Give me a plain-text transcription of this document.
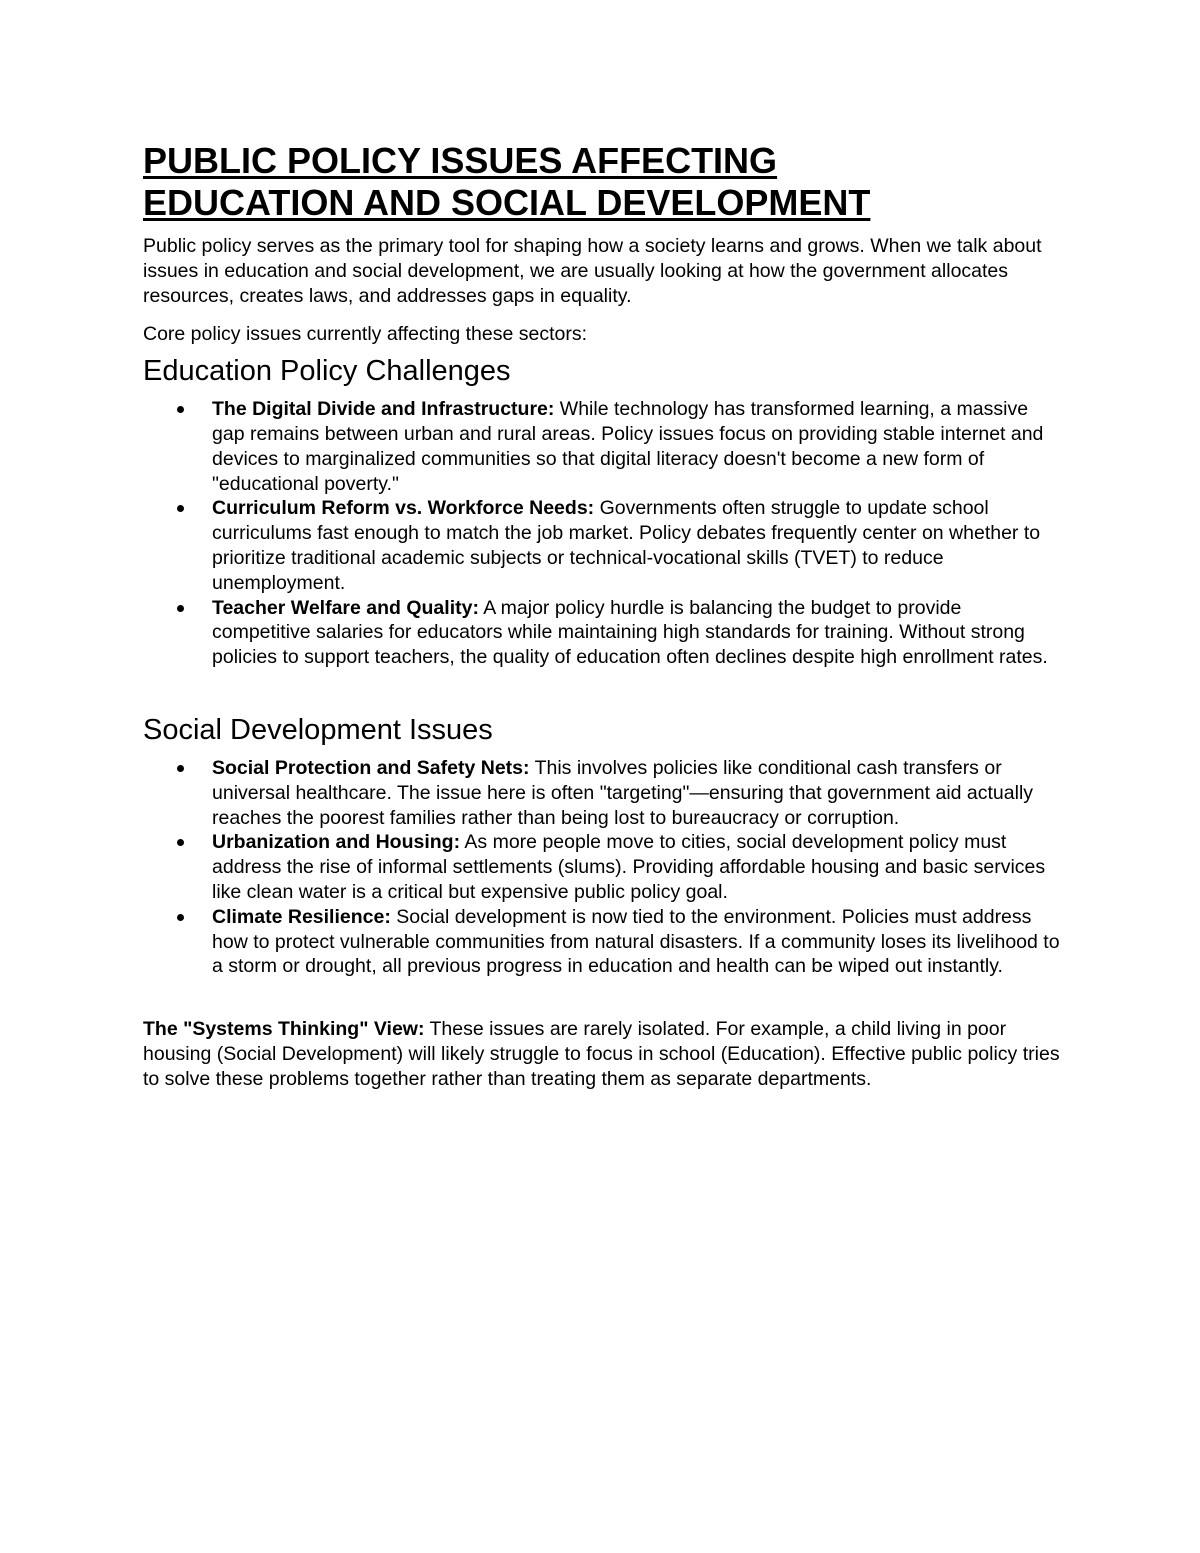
PUBLIC POLICY ISSUES AFFECTING
EDUCATION AND SOCIAL DEVELOPMENT

Public policy serves as the primary tool for shaping how a society learns and grows. When we talk about issues in education and social development, we are usually looking at how the government allocates resources, creates laws, and addresses gaps in equality.

Core policy issues currently affecting these sectors:

Education Policy Challenges
The Digital Divide and Infrastructure: While technology has transformed learning, a massive gap remains between urban and rural areas. Policy issues focus on providing stable internet and devices to marginalized communities so that digital literacy doesn't become a new form of "educational poverty."
Curriculum Reform vs. Workforce Needs: Governments often struggle to update school curriculums fast enough to match the job market. Policy debates frequently center on whether to prioritize traditional academic subjects or technical-vocational skills (TVET) to reduce unemployment.
Teacher Welfare and Quality: A major policy hurdle is balancing the budget to provide competitive salaries for educators while maintaining high standards for training. Without strong policies to support teachers, the quality of education often declines despite high enrollment rates.
Social Development Issues
Social Protection and Safety Nets: This involves policies like conditional cash transfers or universal healthcare. The issue here is often "targeting"—ensuring that government aid actually reaches the poorest families rather than being lost to bureaucracy or corruption.
Urbanization and Housing: As more people move to cities, social development policy must address the rise of informal settlements (slums). Providing affordable housing and basic services like clean water is a critical but expensive public policy goal.
Climate Resilience: Social development is now tied to the environment. Policies must address how to protect vulnerable communities from natural disasters. If a community loses its livelihood to a storm or drought, all previous progress in education and health can be wiped out instantly.

The "Systems Thinking" View: These issues are rarely isolated. For example, a child living in poor housing (Social Development) will likely struggle to focus in school (Education). Effective public policy tries to solve these problems together rather than treating them as separate departments.
